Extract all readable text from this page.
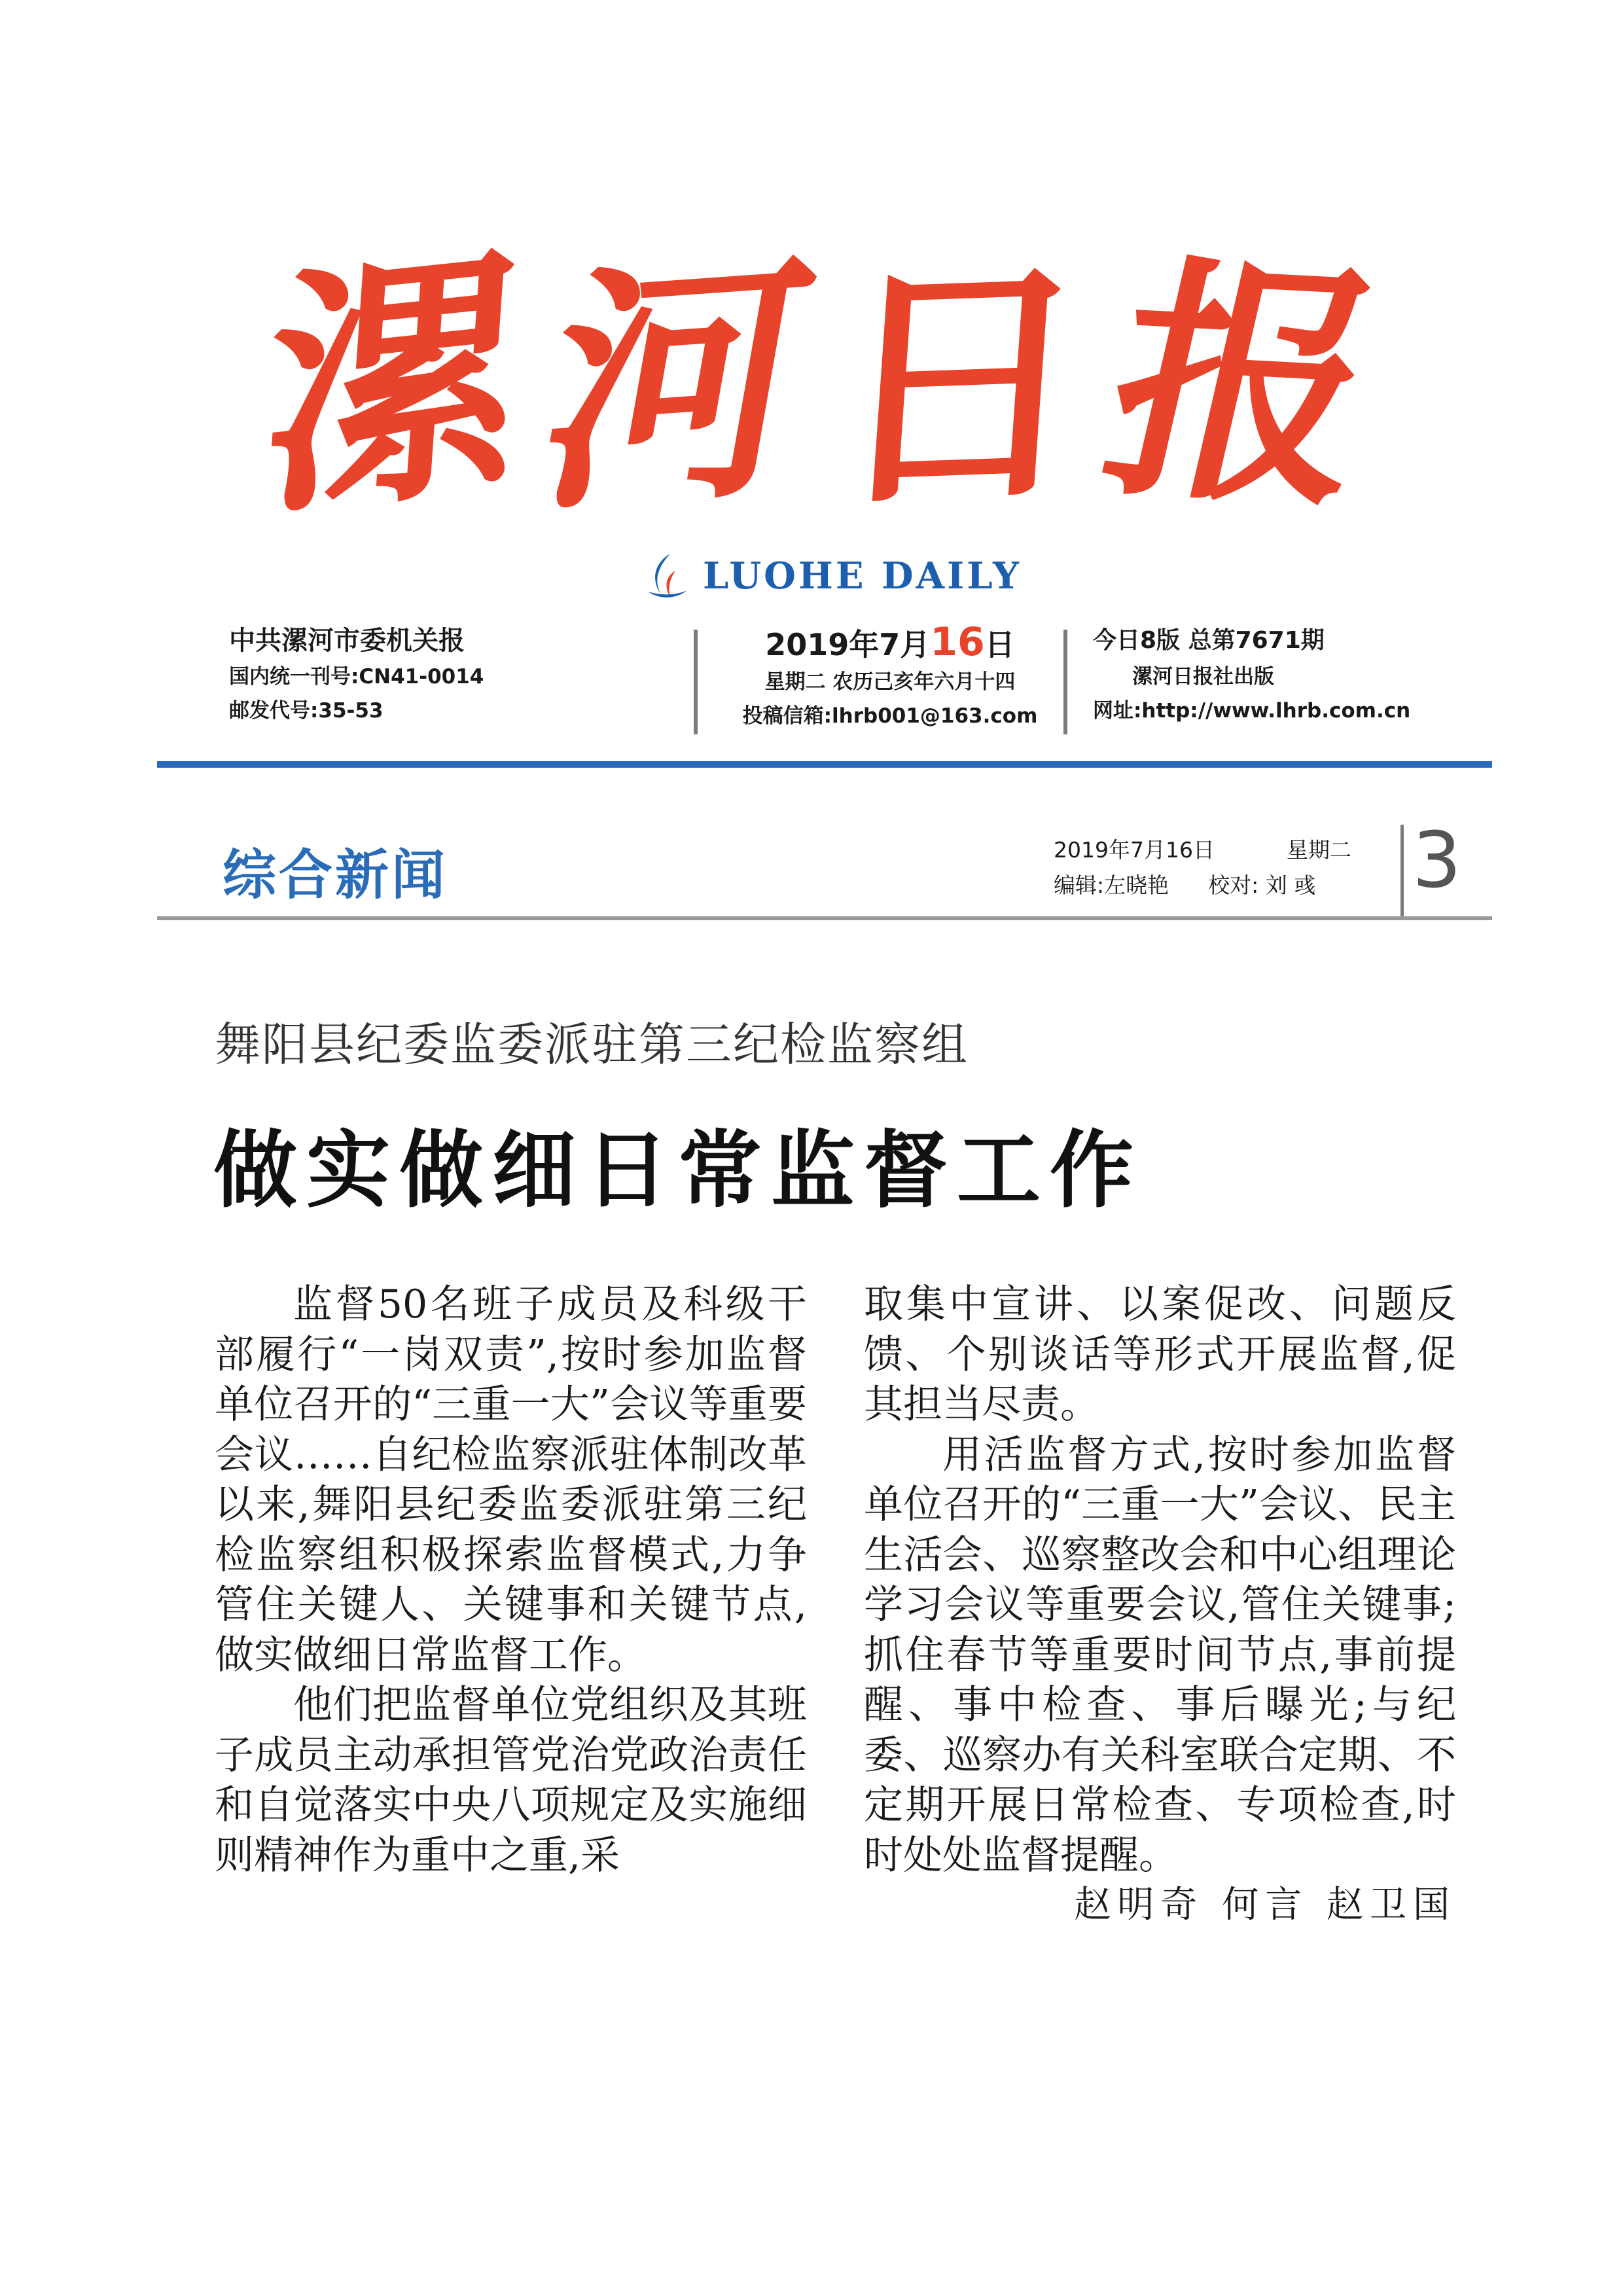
漯
河
日
报
LUOHE DAILY
中共漯河市委机关报
国内统一刊号:CN41-0014
邮发代号:35-53
2019年7月16日
星期二 农历己亥年六月十四
投稿信箱:lhrb001@163.com
今日8版 总第7671期
漯河日报社出版
网址:http://www.lhrb.com.cn
综合新闻	2019年7月16日	星期二
编辑:左晓艳 校对: 刘 彧 3
舞阳县纪委监委派驻第三纪检监察组
做实做细日常监督工作

监督50名班子成员及科级干部履行“一岗双责”,按时参加监督单位召开的“三重一大”会议等重要会议……自纪检监察派驻体制改革以来,舞阳县纪委监委派驻第三纪检监察组积极探索监督模式,力争管住关键人、关键事和关键节点,做实做细日常监督工作。

他们把监督单位党组织及其班子成员主动承担管党治党政治责任和自觉落实中央八项规定及实施细则精神作为重中之重,采

取集中宣讲、以案促改、问题反馈、个别谈话等形式开展监督,促其担当尽责。

用活监督方式,按时参加监督单位召开的“三重一大”会议、民主生活会、巡察整改会和中心组理论学习会议等重要会议,管住关键事;抓住春节等重要时间节点,事前提醒、事中检查、事后曝光;与纪委、巡察办有关科室联合定期、不定期开展日常检查、专项检查,时时处处监督提醒。

赵明奇 何言 赵卫国
